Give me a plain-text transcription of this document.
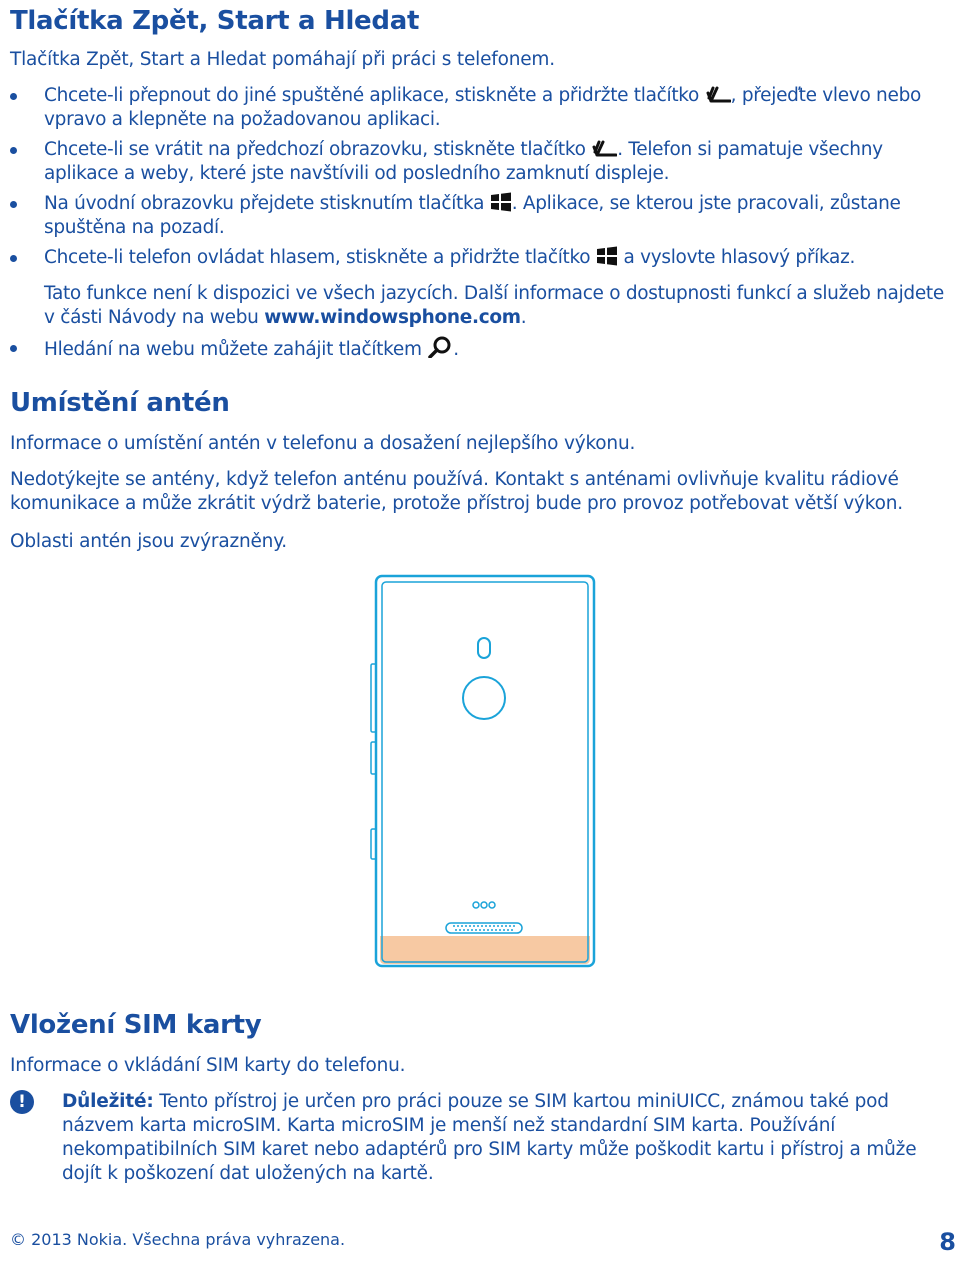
Tlačítka Zpět, Start a Hledat

Tlačítka Zpět, Start a Hledat pomáhají při práci s telefonem.

Chcete-li přepnout do jiné spuštěné aplikace, stiskněte a přidržte tlačítko , přejeďte vlevo nebo vpravo a klepněte na požadovanou aplikaci.
Chcete-li se vrátit na předchozí obrazovku, stiskněte tlačítko . Telefon si pamatuje všechny aplikace a weby, které jste navštívili od posledního zamknutí displeje.
Na úvodní obrazovku přejdete stisknutím tlačítka . Aplikace, se kterou jste pracovali, zůstane spuštěna na pozadí.
Chcete-li telefon ovládat hlasem, stiskněte a přidržte tlačítko a vyslovte hlasový příkaz.
Tato funkce není k dispozici ve všech jazycích. Další informace o dostupnosti funkcí a služeb najdete v části Návody na webu www.windowsphone.com.
Hledání na webu můžete zahájit tlačítkem .
Umístění antén

Informace o umístění antén v telefonu a dosažení nejlepšího výkonu.

Nedotýkejte se antény, když telefon anténu používá. Kontakt s anténami ovlivňuje kvalitu rádiové komunikace a může zkrátit výdrž baterie, protože přístroj bude pro provoz potřebovat větší výkon.

Oblasti antén jsou zvýrazněny.

Vložení SIM karty

Informace o vkládání SIM karty do telefonu.

!	Důležité: Tento přístroj je určen pro práci pouze se SIM kartou miniUICC, známou také pod názvem karta microSIM. Karta microSIM je menší než standardní SIM karta. Používání nekompatibilních SIM karet nebo adaptérů pro SIM karty může poškodit kartu i přístroj a může dojít k poškození dat uložených na kartě.

© 2013 Nokia. Všechna práva vyhrazena.	8
